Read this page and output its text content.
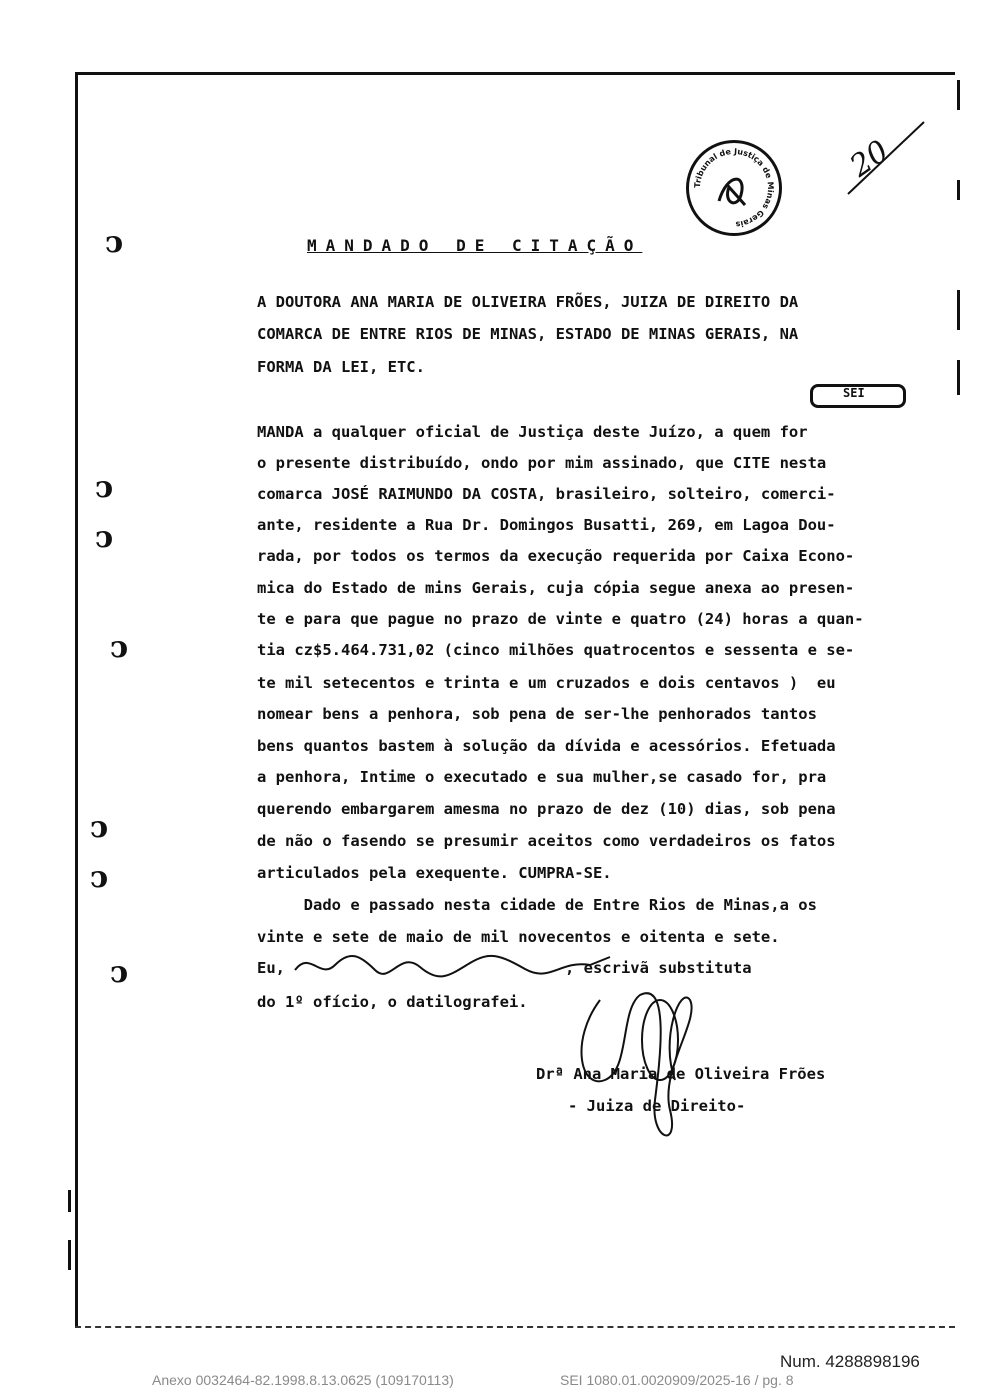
Tribunal de Justiça de Minas Gerais
20
MANDADO DE CITAÇÃO
A DOUTORA ANA MARIA DE OLIVEIRA FRÕES, JUIZA DE DIREITO DA
COMARCA DE ENTRE RIOS DE MINAS, ESTADO DE MINAS GERAIS, NA
FORMA DA LEI, ETC.
SEI
MANDA a qualquer oficial de Justiça deste Juízo, a quem for
o presente distribuído, ondo por mim assinado, que CITE nesta
comarca JOSÉ RAIMUNDO DA COSTA, brasileiro, solteiro, comerci-
ante, residente a Rua Dr. Domingos Busatti, 269, em Lagoa Dou-
rada, por todos os termos da execução requerida por Caixa Econo-
mica do Estado de mins Gerais, cuja cópia segue anexa ao presen-
te e para que pague no prazo de vinte e quatro (24) horas a quan-
tia cz$5.464.731,02 (cinco milhões quatrocentos e sessenta e se-
te mil setecentos e trinta e um cruzados e dois centavos )  eu
nomear bens a penhora, sob pena de ser-lhe penhorados tantos
bens quantos bastem à solução da dívida e acessórios. Efetuada
a penhora, Intime o executado e sua mulher,se casado for, pra
querendo embargarem amesma no prazo de dez (10) dias, sob pena
de não o fasendo se presumir aceitos como verdadeiros os fatos
articulados pela exequente. CUMPRA-SE.
Dado e passado nesta cidade de Entre Rios de Minas,a os
vinte e sete de maio de mil novecentos e oitenta e sete.
Eu,                              , escrivã substituta
do 1º ofício, o datilografei.
Drª Ana Maria de Oliveira Frões
- Juiza de Direito-
ↄ
ↄ
ↄ
ↄ
ↄ
ↄ
ↄ
Anexo 0032464-82.1998.8.13.0625 (109170113)	SEI 1080.01.0020909/2025-16 / pg. 8
Num. 4288898196
